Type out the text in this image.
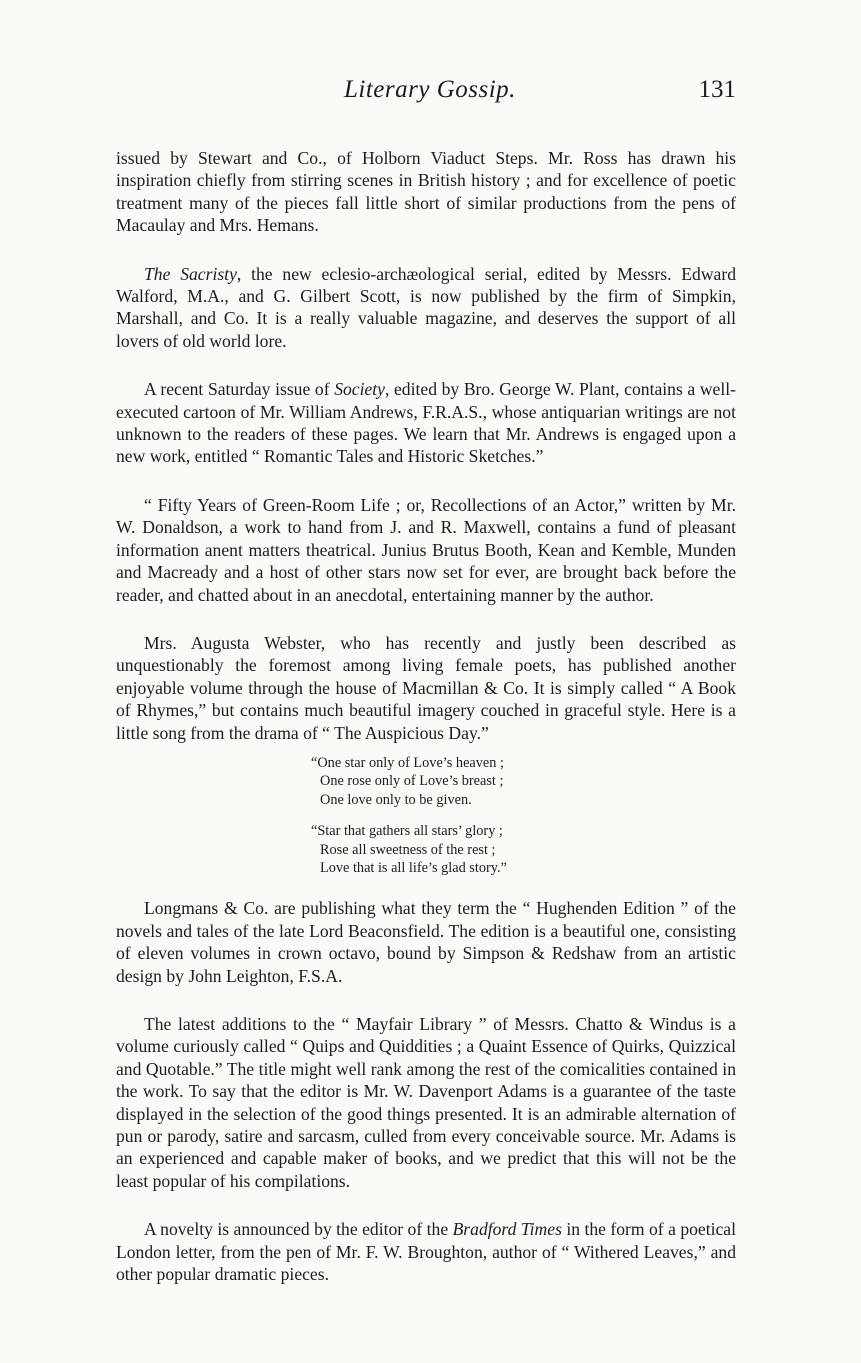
Literary Gossip.	131

issued by Stewart and Co., of Holborn Viaduct Steps. Mr. Ross has drawn his inspiration chiefly from stirring scenes in British history ; and for excellence of poetic treatment many of the pieces fall little short of similar productions from the pens of Macaulay and Mrs. Hemans.

The Sacristy, the new eclesio-archæological serial, edited by Messrs. Edward Walford, M.A., and G. Gilbert Scott, is now published by the firm of Simpkin, Marshall, and Co. It is a really valuable magazine, and deserves the support of all lovers of old world lore.

A recent Saturday issue of Society, edited by Bro. George W. Plant, contains a well-executed cartoon of Mr. William Andrews, F.R.A.S., whose antiquarian writings are not unknown to the readers of these pages. We learn that Mr. Andrews is engaged upon a new work, entitled “ Romantic Tales and Historic Sketches.”

“ Fifty Years of Green-Room Life ; or, Recollections of an Actor,” written by Mr. W. Donaldson, a work to hand from J. and R. Maxwell, contains a fund of pleasant information anent matters theatrical. Junius Brutus Booth, Kean and Kemble, Munden and Macready and a host of other stars now set for ever, are brought back before the reader, and chatted about in an anecdotal, entertaining manner by the author.

Mrs. Augusta Webster, who has recently and justly been described as unquestionably the foremost among living female poets, has published another enjoyable volume through the house of Macmillan & Co. It is simply called “ A Book of Rhymes,” but contains much beautiful imagery couched in graceful style. Here is a little song from the drama of “ The Auspicious Day.”

“One star only of Love’s heaven ;
One rose only of Love’s breast ;
One love only to be given.
“Star that gathers all stars’ glory ;
Rose all sweetness of the rest ;
Love that is all life’s glad story.”

Longmans & Co. are publishing what they term the “ Hughenden Edition ” of the novels and tales of the late Lord Beaconsfield. The edition is a beautiful one, consisting of eleven volumes in crown octavo, bound by Simpson & Redshaw from an artistic design by John Leighton, F.S.A.

The latest additions to the “ Mayfair Library ” of Messrs. Chatto & Windus is a volume curiously called “ Quips and Quiddities ; a Quaint Essence of Quirks, Quizzical and Quotable.” The title might well rank among the rest of the comicalities contained in the work. To say that the editor is Mr. W. Davenport Adams is a guarantee of the taste displayed in the selection of the good things presented. It is an admirable alternation of pun or parody, satire and sarcasm, culled from every conceivable source. Mr. Adams is an experienced and capable maker of books, and we predict that this will not be the least popular of his compilations.

A novelty is announced by the editor of the Bradford Times in the form of a poetical London letter, from the pen of Mr. F. W. Broughton, author of “ Withered Leaves,” and other popular dramatic pieces.
